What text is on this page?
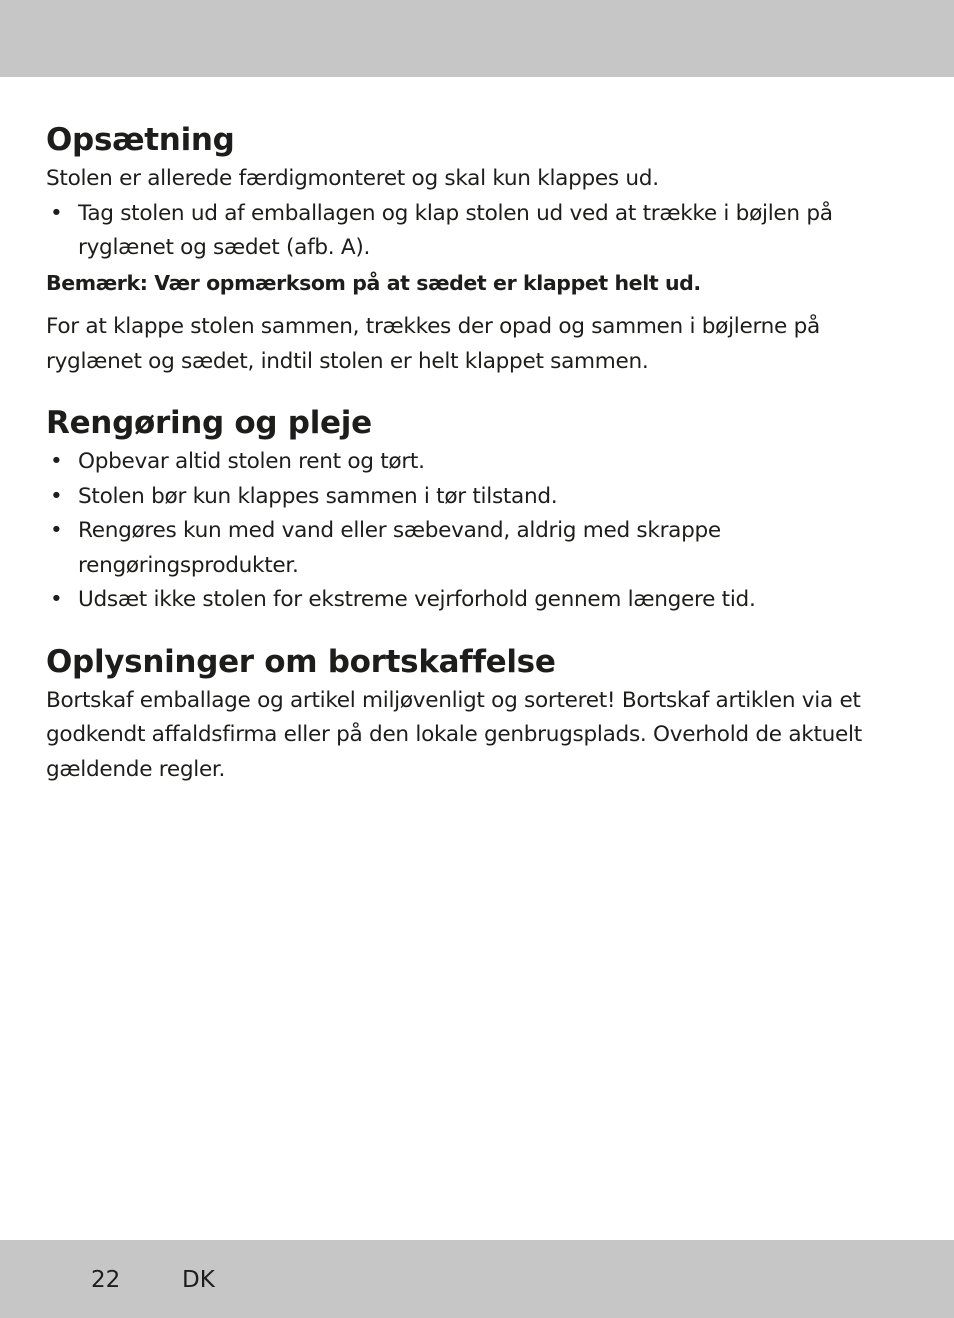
Opsætning

Stolen er allerede færdigmonteret og skal kun klappes ud.

• Tag stolen ud af emballagen og klap stolen ud ved at trække i bøjlen på ryglænet og sædet (afb. A).

Bemærk: Vær opmærksom på at sædet er klappet helt ud.

For at klappe stolen sammen, trækkes der opad og sammen i bøjlerne på ryglænet og sædet, indtil stolen er helt klappet sammen.

Rengøring og pleje
• Opbevar altid stolen rent og tørt.
• Stolen bør kun klappes sammen i tør tilstand.
• Rengøres kun med vand eller sæbevand, aldrig med skrappe rengøringsprodukter.
• Udsæt ikke stolen for ekstreme vejrforhold gennem længere tid.
Oplysninger om bortskaffelse

Bortskaf emballage og artikel miljøvenligt og sorteret! Bortskaf artiklen via et godkendt affaldsfirma eller på den lokale genbrugsplads. Overhold de aktuelt gældende regler.

22	DK
